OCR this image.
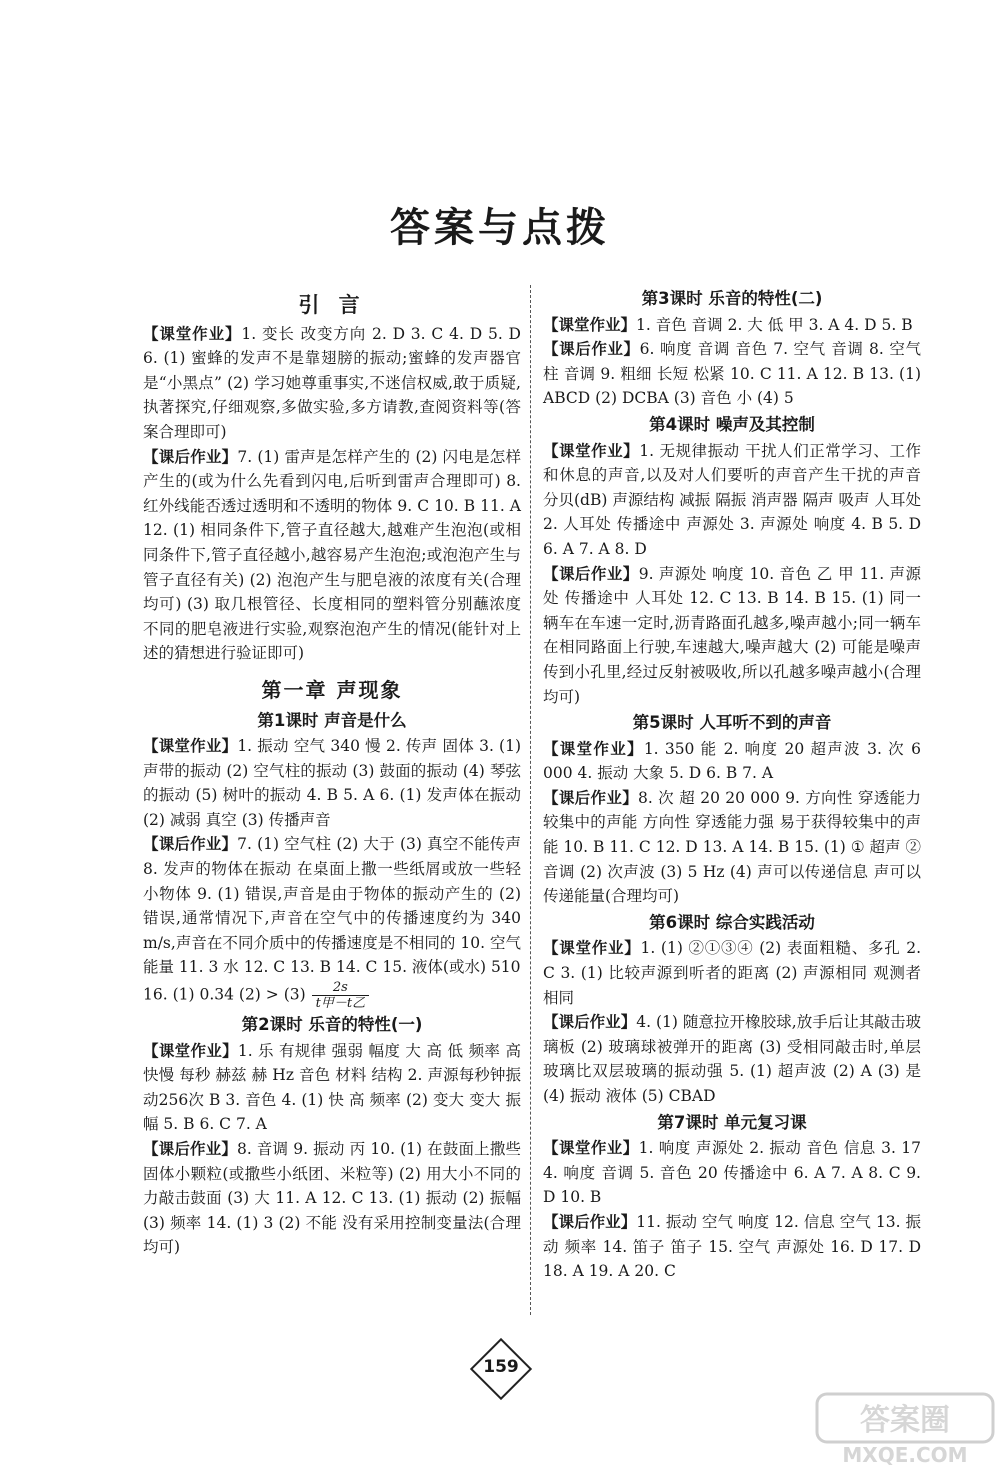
答案与点拨
引 言

【课堂作业】1. 变长 改变方向 2. D 3. C 4. D 5. D 6. (1) 蜜蜂的发声不是靠翅膀的振动;蜜蜂的发声器官是“小黑点” (2) 学习她尊重事实,不迷信权威,敢于质疑,执著探究,仔细观察,多做实验,多方请教,查阅资料等(答案合理即可)

【课后作业】7. (1) 雷声是怎样产生的 (2) 闪电是怎样产生的(或为什么先看到闪电,后听到雷声合理即可) 8. 红外线能否透过透明和不透明的物体 9. C 10. B 11. A 12. (1) 相同条件下,管子直径越大,越难产生泡泡(或相同条件下,管子直径越小,越容易产生泡泡;或泡泡产生与管子直径有关) (2) 泡泡产生与肥皂液的浓度有关(合理均可) (3) 取几根管径、长度相同的塑料管分别蘸浓度不同的肥皂液进行实验,观察泡泡产生的情况(能针对上述的猜想进行验证即可)

第一章 声现象
第1课时 声音是什么

【课堂作业】1. 振动 空气 340 慢 2. 传声 固体 3. (1) 声带的振动 (2) 空气柱的振动 (3) 鼓面的振动 (4) 琴弦的振动 (5) 树叶的振动 4. B 5. A 6. (1) 发声体在振动 (2) 减弱 真空 (3) 传播声音

【课后作业】7. (1) 空气柱 (2) 大于 (3) 真空不能传声 8. 发声的物体在振动 在桌面上撒一些纸屑或放一些轻小物体 9. (1) 错误,声音是由于物体的振动产生的 (2) 错误,通常情况下,声音在空气中的传播速度约为 340 m/s,声音在不同介质中的传播速度是不相同的 10. 空气 能量 11. 3 水 12. C 13. B 14. C 15. 液体(或水) 510

16. (1) 0.34 $(2) > (3) \frac{2s}{\text{t甲－t乙}}$

第2课时 乐音的特性(一)

【课堂作业】1. 乐 有规律 强弱 幅度 大 高 低 频率 高 快慢 每秒 赫兹 赫 Hz 音色 材料 结构 2. 声源每秒钟振动256次 B 3. 音色 4. (1) 快 高 频率 (2) 变大 变大 振幅 5. B 6. C 7. A

【课后作业】8. 音调 9. 振动 丙 10. (1) 在鼓面上撒些固体小颗粒(或撒些小纸团、米粒等) (2) 用大小不同的力敲击鼓面 (3) 大 11. A 12. C 13. (1) 振动 (2) 振幅 (3) 频率 14. (1) 3 (2) 不能 没有采用控制变量法(合理均可)

第3课时 乐音的特性(二)

【课堂作业】1. 音色 音调 2. 大 低 甲 3. A 4. D 5. B

【课后作业】6. 响度 音调 音色 7. 空气 音调 8. 空气柱 音调 9. 粗细 长短 松紧 10. C 11. A 12. B 13. (1) ABCD (2) DCBA (3) 音色 小 (4) 5

第4课时 噪声及其控制

【课堂作业】1. 无规律振动 干扰人们正常学习、工作和休息的声音,以及对人们要听的声音产生干扰的声音 分贝(dB) 声源结构 减振 隔振 消声器 隔声 吸声 人耳处 2. 人耳处 传播途中 声源处 3. 声源处 响度 4. B 5. D 6. A 7. A 8. D

【课后作业】9. 声源处 响度 10. 音色 乙 甲 11. 声源处 传播途中 人耳处 12. C 13. B 14. B 15. (1) 同一辆车在车速一定时,沥青路面孔越多,噪声越小;同一辆车在相同路面上行驶,车速越大,噪声越大 (2) 可能是噪声传到小孔里,经过反射被吸收,所以孔越多噪声越小(合理均可)

第5课时 人耳听不到的声音

【课堂作业】1. 350 能 2. 响度 20 超声波 3. 次 6 000 4. 振动 大象 5. D 6. B 7. A

【课后作业】8. 次 超 20 20 000 9. 方向性 穿透能力 较集中的声能 方向性 穿透能力强 易于获得较集中的声能 10. B 11. C 12. D 13. A 14. B 15. (1) ① 超声 ② 音调 (2) 次声波 (3) 5 Hz (4) 声可以传递信息 声可以传递能量(合理均可)

第6课时 综合实践活动

【课堂作业】1. (1) ②①③④ (2) 表面粗糙、多孔 2. C 3. (1) 比较声源到听者的距离 (2) 声源相同 观测者相同

【课后作业】4. (1) 随意拉开橡胶球,放手后让其敲击玻璃板 (2) 玻璃球被弹开的距离 (3) 受相同敲击时,单层玻璃比双层玻璃的振动强 5. (1) 超声波 (2) A (3) 是 (4) 振动 液体 (5) CBAD

第7课时 单元复习课

【课堂作业】1. 响度 声源处 2. 振动 音色 信息 3. 17 4. 响度 音调 5. 音色 20 传播途中 6. A 7. A 8. C 9. D 10. B

【课后作业】11. 振动 空气 响度 12. 信息 空气 13. 振动 频率 14. 笛子 笛子 15. 空气 声源处 16. D 17. D 18. A 19. A 20. C

159
答案圈
MXQE.COM
